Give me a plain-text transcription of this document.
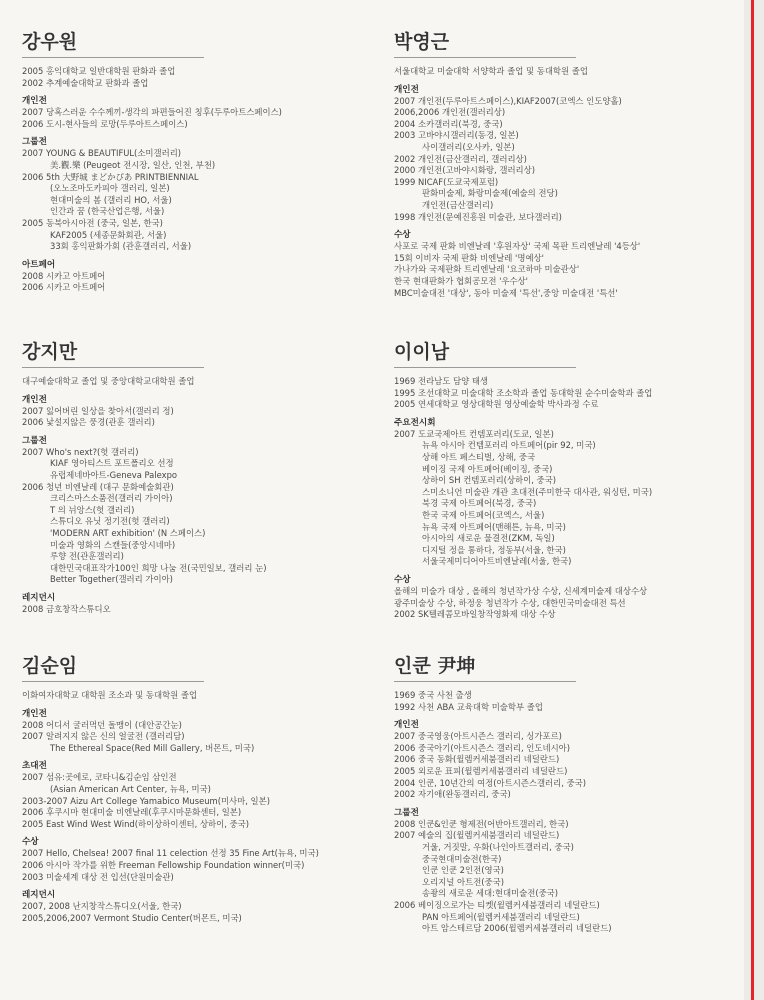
강우원
2005 홍익대학교 일반대학원 판화과 졸업
2002 추계예술대학교 판화과 졸업
개인전
2007 당혹스러운 수수께끼-생각의 파편들어진 칭후(두루아트스페이스)
2006 도시-현사들의 로망(두루아트스페이스)
그룹전
2007 YOUNG & BEAUTIFUL(소미갤러리)
美.觀.樂 (Peugeot 전시장, 일산, 인천, 부천)
2006 5th 大野城 まどかぴあ PRINTBIENNIAL
(오노조마도카피아 갤러리, 일본)
현대미술의 봄 (갤러리 HO, 서울)
인간과 꿈 (한국산업은행, 서울)
2005 동북아시아전 (중국, 일본, 한국)
KAF2005 (세종문화회관, 서울)
33회 홍익판화가회 (관훈갤러리, 서울)
아트페어
2008 시카고 아트페어
2006 시카고 아트페어
박영근
서울대학교 미술대학 서양학과 졸업 및 동대학원 졸업
개인전
2007 개인전(두루아트스페이스),KIAF2007(코엑스 인도양홀)
2006,2006 개인전(갤러리상)
2004 소카갤러리(북경, 중국)
2003 고바야시갤러리(동경, 일본)
사이갤러리(오사카, 일본)
2002 개인전(금산갤러리, 갤러리상)
2000 개인전(고바야시화랑, 갤러리상)
1999 NICAF(도쿄국제포럼)
판화미술제, 화랑미술제(예술의 전당)
개인전(금산갤러리)
1998 개인전(문예진흥원 미술관, 보다갤러리)
수상
사포로 국제 판화 비엔날레 '후원자상' 국제 목판 트리엔날레 '4등상'
15회 이비자 국제 판화 비엔날레 '명예상'
가나가와 국제판화 트리엔날레 '요코하마 미술관상'
한국 현대판화가 협회공모전 '우수상'
MBC미술대전 '대상', 동아 미술제 '특선',중앙 미술대전 '특선'
강지만
대구예술대학교 졸업 및 중앙대학교대학원 졸업
개인전
2007 잃어버린 일상을 찾아서(갤러리 정)
2006 낯설지않은 풍경(관훈 갤러리)
그룹전
2007 Who's next?(헛 갤러리)
KIAF 영아티스트 포트폴리오 선정
유럽제네바아트-Geneva Palexpo
2006 청년 비엔날레 (대구 문화예술회관)
크리스마스소품전(갤러리 가이아)
T 의 뉘앙스(헛 갤러리)
스튜디오 유닛 정기전(헛 갤러리)
'MODERN ART exhibition' (N 스페이스)
미술과 영화의 스캔들(중앙시네마)
루향 전(관훈갤러리)
대한민국대표작가100인 희망 나눔 전(국민일보, 갤러리 눈)
Better Together(갤러리 가이아)
레지던시
2008 금호창작스튜디오
이이남
1969 전라남도 담양 태생
1995 조선대학교 미술대학 조소학과 졸업 동대학원 순수미술학과 졸업
2005 연세대학교 영상대학원 영상예술학 박사과정 수료
주요전시회
2007 도쿄국제아트 컨템포러리(도쿄, 일본)
뉴욕 아시아 컨템포러리 아트페어(pir 92, 미국)
상해 아트 페스티벌, 상해, 중국
베이징 국제 아트페어(베이징, 중국)
상하이 SH 컨템포러리(상하이, 중국)
스미소니언 미술관 개관 초대전(주미한국 대사관, 워싱턴, 미국)
북경 국제 아트페어(북경, 중국)
한국 국제 아트페어(코엑스, 서울)
뉴욕 국제 아트페어(맨해튼, 뉴욕, 미국)
아시아의 새로운 물결전(ZKM, 독일)
디지털 정을 통하다, 정동부(서울, 한국)
서울국제미디어아트비엔날레(서울, 한국)
수상
올해의 미술가 대상 , 올해의 청년작가상 수상, 신세계미술제 대상수상
광주미술상 수상, 하정웅 청년작가 수상, 대한민국미술대전 특선
2002 SK텔레콤모바일창작영화제 대상 수상
김순임
이화여자대학교 대학원 조소과 및 동대학원 졸업
개인전
2008 어디서 굴러먹던 돌맹이 (대안공간눈)
2007 알려지지 않은 신의 얼굴전 (갤러리담)
The Ethereal Space(Red Mill Gallery, 버몬트, 미국)
초대전
2007 섬유:곳에로, 코타니&김순임 삼인전
(Asian American Art Center, 뉴욕, 미국)
2003-2007 Aizu Art College Yamabico Museum(미사마, 일본)
2006 후쿠시마 현대미술 비엔날레(후쿠시마문화센터, 일본)
2005 East Wind West Wind(하이상하이센터, 상하이, 중국)
수상
2007 Hello, Chelsea! 2007 final 11 celection 선정 35 Fine Art(뉴욕, 미국)
2006 아시아 작가를 위한 Freeman Fellowship Foundation winner(미국)
2003 미술세계 대상 전 입선(단원미술관)
레지던시
2007, 2008 난지창작스튜디오(서울, 한국)
2005,2006,2007 Vermont Studio Center(버몬트, 미국)
인쿤 尹坤
1969 중국 사천 출생
1992 사천 ABA 교육대학 미술학부 졸업
개인전
2007 중국영웅(아트시즌스 갤러리, 싱가포르)
2006 중국아기(아트시즌스 갤러리, 인도네시아)
2006 중국 동화(윌렘커세붐갤러리 네덜란드)
2005 외로운 표피(윌렘커세붐갤러리 네덜란드)
2004 인쿤, 10년간의 여정(아트시즌스갤러리, 중국)
2002 자기애(완동갤러리, 중국)
그룹전
2008 인쿤&인쿤 형제전(어반아트갤러리, 한국)
2007 예술의 집(윌렘커세붐갤러리 네덜란드)
거울, 거짓말, 우화(나인아트갤러리, 중국)
중국현대미술전(한국)
인쿤 인쿤 2인전(영국)
오리지널 아트전(중국)
송좡의 새로운 세대:현대미술전(중국)
2006 베이징으로가는 티켓(윌렘커세붐갤러리 네덜란드)
PAN 아트페어(윌렘커세붐갤러리 네덜란드)
아트 암스테르담 2006(윌렘커세붐갤러리 네덜란드)
